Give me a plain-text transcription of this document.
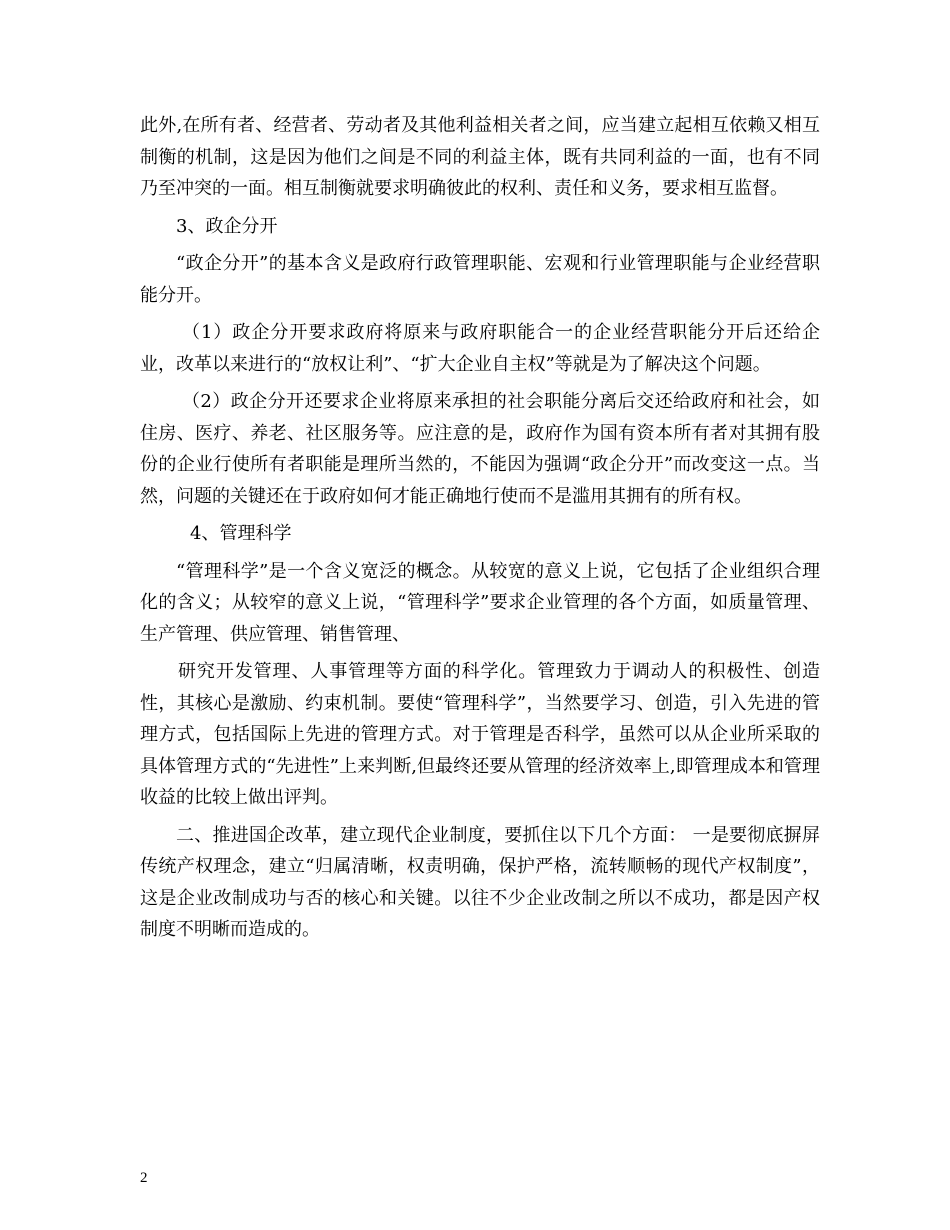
此外,在所有者、经营者、劳动者及其他利益相关者之间，应当建立起相互依赖又相互制衡的机制，这是因为他们之间是不同的利益主体，既有共同利益的一面，也有不同乃至冲突的一面。相互制衡就要求明确彼此的权利、责任和义务，要求相互监督。

3、政企分开

“政企分开”的基本含义是政府行政管理职能、宏观和行业管理职能与企业经营职能分开。

（1）政企分开要求政府将原来与政府职能合一的企业经营职能分开后还给企业，改革以来进行的“放权让利”、“扩大企业自主权”等就是为了解决这个问题。

（2）政企分开还要求企业将原来承担的社会职能分离后交还给政府和社会，如住房、医疗、养老、社区服务等。应注意的是，政府作为国有资本所有者对其拥有股份的企业行使所有者职能是理所当然的，不能因为强调“政企分开”而改变这一点。当然，问题的关键还在于政府如何才能正确地行使而不是滥用其拥有的所有权。

4、管理科学

“管理科学”是一个含义宽泛的概念。从较宽的意义上说，它包括了企业组织合理化的含义；从较窄的意义上说，“管理科学”要求企业管理的各个方面，如质量管理、生产管理、供应管理、销售管理、

研究开发管理、人事管理等方面的科学化。管理致力于调动人的积极性、创造性，其核心是激励、约束机制。要使“管理科学”，当然要学习、创造，引入先进的管理方式，包括国际上先进的管理方式。对于管理是否科学，虽然可以从企业所采取的具体管理方式的“先进性”上来判断,但最终还要从管理的经济效率上,即管理成本和管理收益的比较上做出评判。

二、推进国企改革，建立现代企业制度，要抓住以下几个方面： 一是要彻底摒屏传统产权理念，建立“归属清晰，权责明确，保护严格，流转顺畅的现代产权制度”，这是企业改制成功与否的核心和关键。以往不少企业改制之所以不成功，都是因产权制度不明晰而造成的。

2
